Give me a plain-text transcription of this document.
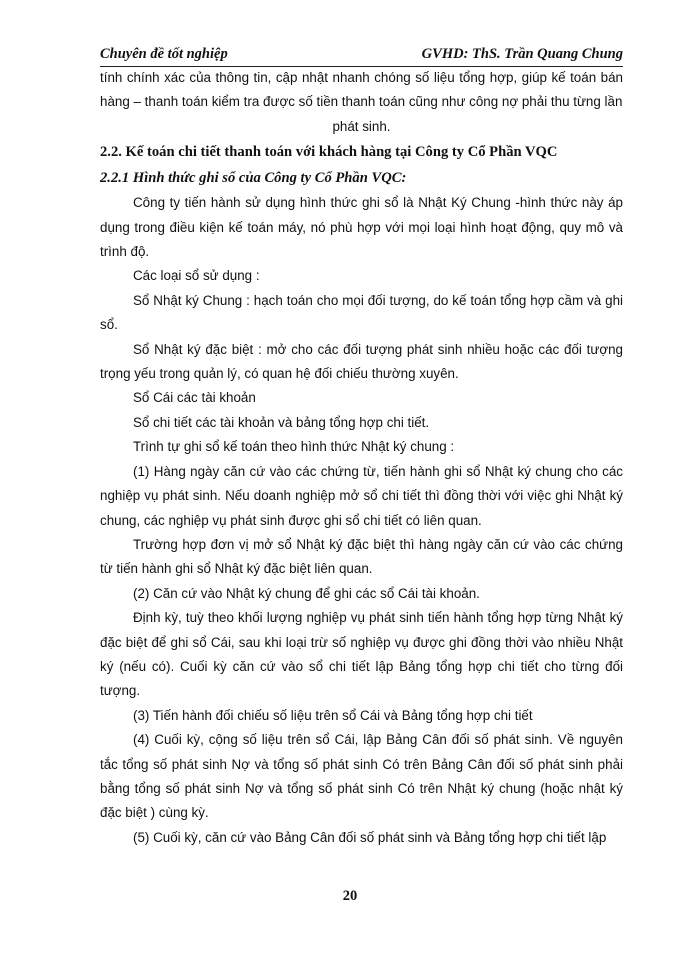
Chuyên đề tốt nghiệp	GVHD: ThS. Trần Quang Chung

tính chính xác của thông tin, cập nhật nhanh chóng số liệu tổng hợp, giúp kế toán bán hàng – thanh toán kiểm tra được số tiền thanh toán cũng như công nợ phải thu từng lần

phát sinh.

2.2. Kế toán chi tiết thanh toán với khách hàng tại Công ty Cổ Phần VQC

2.2.1 Hình thức ghi sổ của Công ty Cổ Phần VQC:

Công ty tiến hành sử dụng hình thức ghi sổ là Nhật Ký Chung -hình thức này áp dụng trong điều kiện kế toán máy, nó phù hợp với mọi loại hình hoạt động, quy mô và trình độ.

Các loại sổ sử dụng :

Sổ Nhật ký Chung : hạch toán cho mọi đối tượng, do kế toán tổng hợp cầm và ghi sổ.

Sổ Nhật ký đặc biệt : mở cho các đối tượng phát sinh nhiều hoặc các đối tượng trọng yếu trong quản lý, có quan hệ đối chiếu thường xuyên.

Sổ Cái các tài khoản

Sổ chi tiết các tài khoản và bảng tổng hợp chi tiết.

Trình tự ghi sổ kế toán theo hình thức Nhật ký chung :

(1) Hàng ngày căn cứ vào các chứng từ, tiến hành ghi sổ Nhật ký chung cho các nghiệp vụ phát sinh. Nếu doanh nghiệp mở sổ chi tiết thì đồng thời với việc ghi Nhật ký chung, các nghiệp vụ phát sinh được ghi sổ chi tiết có liên quan.

Trường hợp đơn vị mở sổ Nhật ký đặc biệt thì hàng ngày căn cứ vào các chứng từ tiến hành ghi sổ Nhật ký đặc biệt liên quan.

(2) Căn cứ vào Nhật ký chung để ghi các sổ Cái tài khoản.

Định kỳ, tuỳ theo khối lượng nghiệp vụ phát sinh tiến hành tổng hợp từng Nhật ký đặc biệt để ghi sổ Cái, sau khi loại trừ số nghiệp vụ được ghi đồng thời vào nhiều Nhật ký (nếu có). Cuối kỳ căn cứ vào sổ chi tiết lập Bảng tổng hợp chi tiết cho từng đối tượng.

(3) Tiến hành đối chiếu số liệu trên sổ Cái và Bảng tổng hợp chi tiết

(4) Cuối kỳ, cộng số liệu trên sổ Cái, lập Bảng Cân đối số phát sinh. Về nguyên tắc tổng số phát sinh Nợ và tổng số phát sinh Có trên Bảng Cân đối số phát sinh phải bằng tổng số phát sinh Nợ và tổng số phát sinh Có trên Nhật ký chung (hoặc nhật ký đặc biệt ) cùng kỳ.

(5) Cuối kỳ, căn cứ vào Bảng Cân đối số phát sinh và Bảng tổng hợp chi tiết lập

20
